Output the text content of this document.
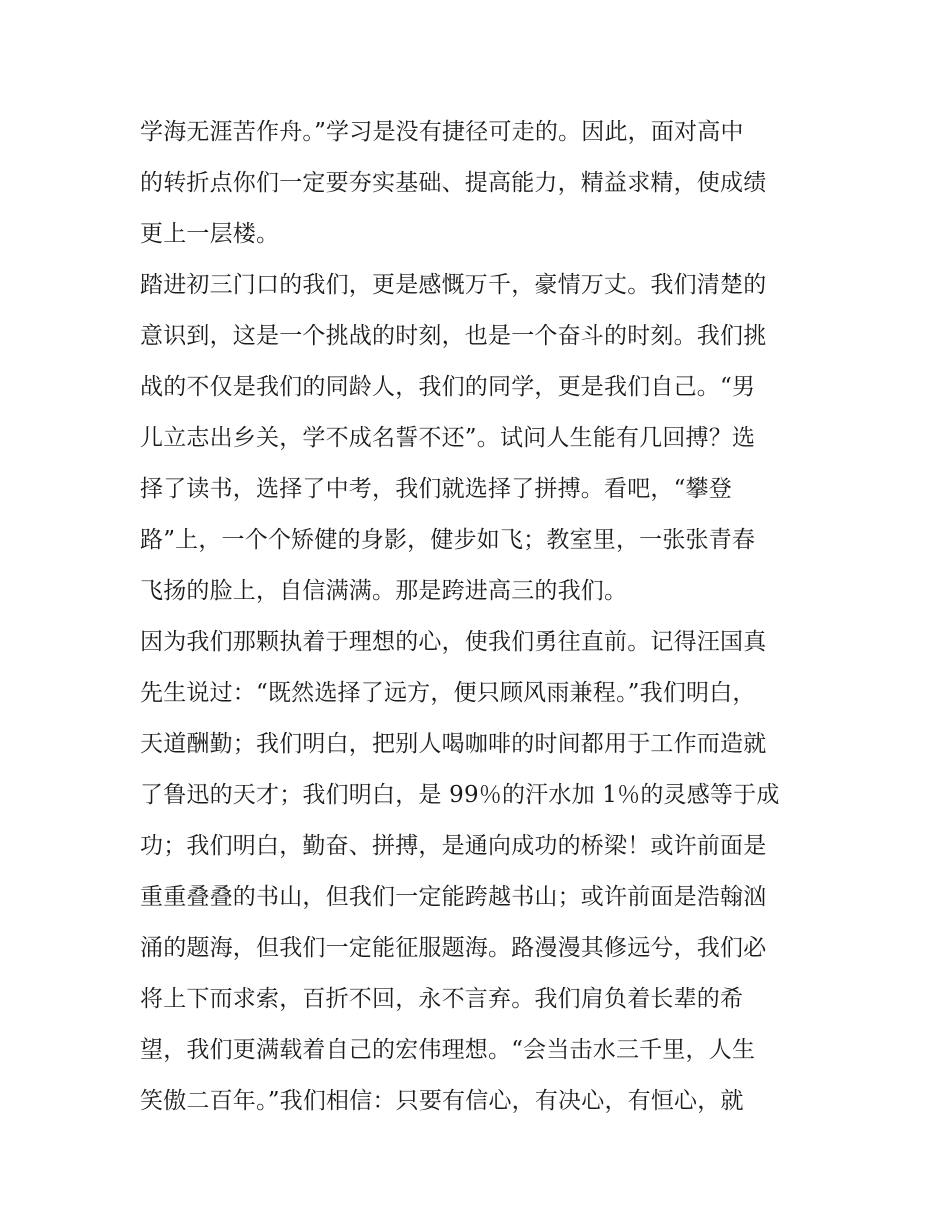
学海无涯苦作舟。”学习是没有捷径可走的。因此，面对高中
的转折点你们一定要夯实基础、提高能力，精益求精，使成绩
更上一层楼。
踏进初三门口的我们，更是感慨万千，豪情万丈。我们清楚的
意识到，这是一个挑战的时刻，也是一个奋斗的时刻。我们挑
战的不仅是我们的同龄人，我们的同学，更是我们自己。“男
儿立志出乡关，学不成名誓不还”。试问人生能有几回搏？选
择了读书，选择了中考，我们就选择了拼搏。看吧，“攀登
路”上，一个个矫健的身影，健步如飞；教室里，一张张青春
飞扬的脸上，自信满满。那是跨进高三的我们。
因为我们那颗执着于理想的心，使我们勇往直前。记得汪国真
先生说过：“既然选择了远方，便只顾风雨兼程。”我们明白，
天道酬勤；我们明白，把别人喝咖啡的时间都用于工作而造就
了鲁迅的天才；我们明白，是 99％的汗水加 1％的灵感等于成
功；我们明白，勤奋、拼搏，是通向成功的桥梁！或许前面是
重重叠叠的书山，但我们一定能跨越书山；或许前面是浩翰汹
涌的题海，但我们一定能征服题海。路漫漫其修远兮，我们必
将上下而求索，百折不回，永不言弃。我们肩负着长辈的希
望，我们更满载着自己的宏伟理想。“会当击水三千里，人生
笑傲二百年。”我们相信：只要有信心，有决心，有恒心，就
